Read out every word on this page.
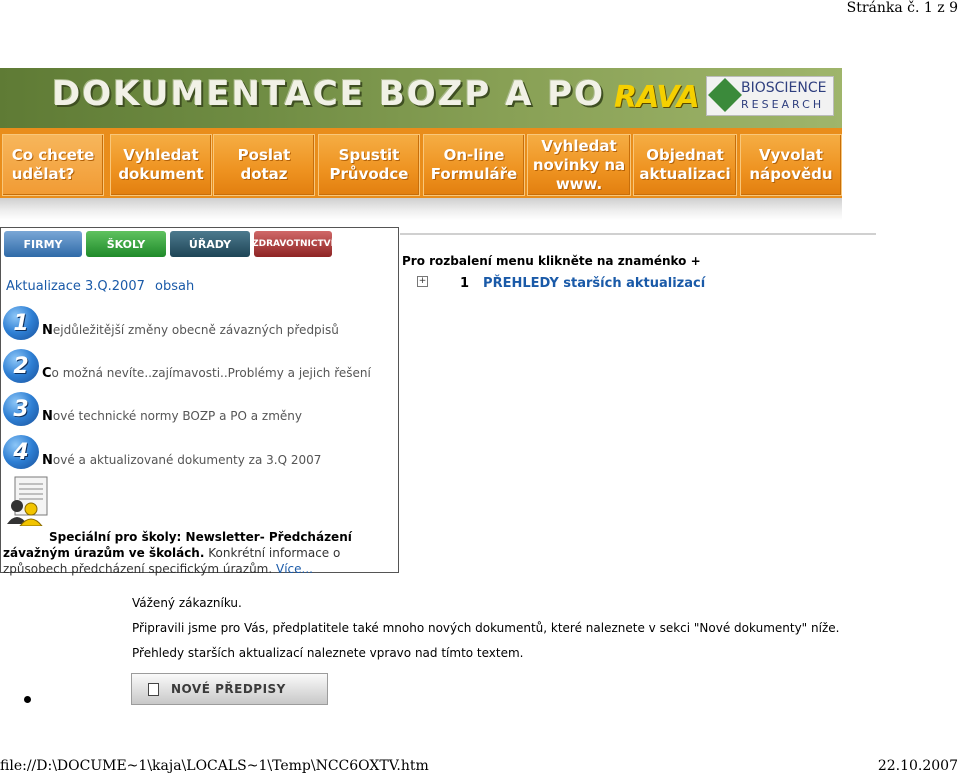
Stránka č. 1 z 9
DOKUMENTACE BOZP A PO RAVA	BIOSCIENCE
RESEARCH
Co chcete
udělat?
Vyhledat
dokument
Poslat
dotaz
Spustit
Průvodce
On-line
Formuláře
Vyhledat
novinky na
www.
Objednat
aktualizaci
Vyvolat
nápovědu
FIRMY	ŠKOLY	ÚŘADY	ZDRAVOTNICTVÍ
Aktualizace 3.Q.2007 obsah
1	Nejdůležitější změny obecně závazných předpisů
2	Co možná nevíte..zajímavosti..Problémy a jejich řešení
3	Nové technické normy BOZP a PO a změny
4	Nové a aktualizované dokumenty za 3.Q 2007
Speciální pro školy: Newsletter- Předcházení
závažným úrazům ve školách. Konkrétní informace o
způsobech předcházení specifickým úrazům. Více...
Pro rozbalení menu klikněte na znaménko +
+	1 PŘEHLEDY starších aktualizací
Vážený zákazníku.
Připravili jsme pro Vás, předplatitele také mnoho nových dokumentů, které naleznete v sekci "Nové dokumenty" níže.
Přehledy starších aktualizací naleznete vpravo nad tímto textem.
NOVÉ PŘEDPISY
file://D:\DOCUME~1\kaja\LOCALS~1\Temp\NCC6OXTV.htm	22.10.2007
